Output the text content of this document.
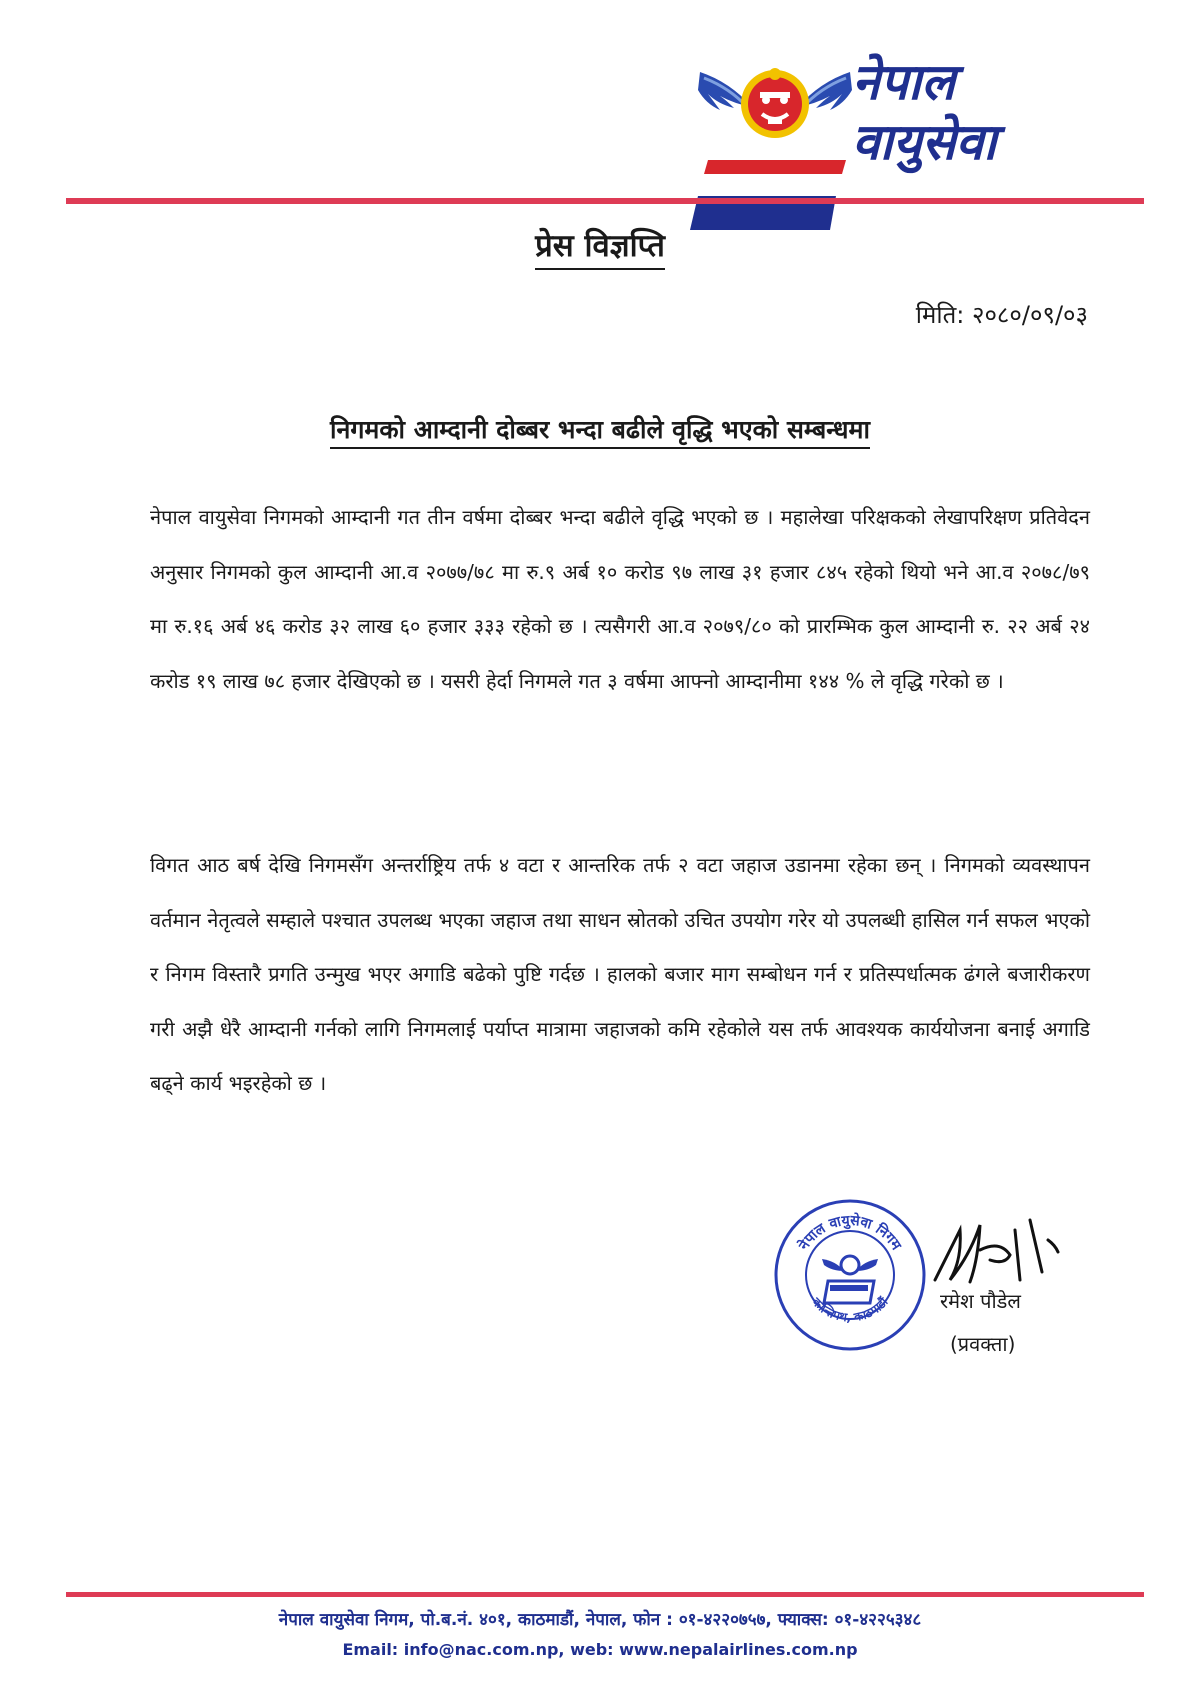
नेपाल
वायुसेवा
प्रेस विज्ञप्ति
मिति: २०८०/०९/०३
निगमको आम्दानी दोब्बर भन्दा बढीले वृद्धि भएको सम्बन्धमा

नेपाल वायुसेवा निगमको आम्दानी गत तीन वर्षमा दोब्बर भन्दा बढीले वृद्धि भएको छ । महालेखा परिक्षकको लेखापरिक्षण प्रतिवेदन अनुसार निगमको कुल आम्दानी आ.व २०७७/७८ मा रु.९ अर्ब १० करोड ९७ लाख ३१ हजार ८४५ रहेको थियो भने आ.व २०७८/७९ मा रु.१६ अर्ब ४६ करोड ३२ लाख ६० हजार ३३३ रहेको छ । त्यसैगरी आ.व २०७९/८० को प्रारम्भिक कुल आम्दानी रु. २२ अर्ब २४ करोड १९ लाख ७८ हजार देखिएको छ । यसरी हेर्दा निगमले गत ३ वर्षमा आफ्नो आम्दानीमा १४४ % ले वृद्धि गरेको छ ।

विगत आठ बर्ष देखि निगमसँग अन्तर्राष्ट्रिय तर्फ ४ वटा र आन्तरिक तर्फ २ वटा जहाज उडानमा रहेका छन् । निगमको व्यवस्थापन वर्तमान नेतृत्वले सम्हाले पश्चात उपलब्ध भएका जहाज तथा साधन स्रोतको उचित उपयोग गरेर यो उपलब्धी हासिल गर्न सफल भएको र निगम विस्तारै प्रगति उन्मुख भएर अगाडि बढेको पुष्टि गर्दछ । हालको बजार माग सम्बोधन गर्न र प्रतिस्पर्धात्मक ढंगले बजारीकरण गरी अझै धेरै आम्दानी गर्नको लागि निगमलाई पर्याप्त मात्रामा जहाजको कमि रहेकोले यस तर्फ आवश्यक कार्ययोजना बनाई अगाडि बढ्ने कार्य भइरहेको छ ।

नेपाल वायुसेवा निगम
कान्तिपथ, काठमाडौं रमेश पौडेल
(प्रवक्ता)
नेपाल वायुसेवा निगम, पो.ब.नं. ४०१, काठमाडौं, नेपाल, फोन : ०१-४२२०७५७, फ्याक्स: ०१-४२२५३४८
Email: info@nac.com.np, web: www.nepalairlines.com.np
